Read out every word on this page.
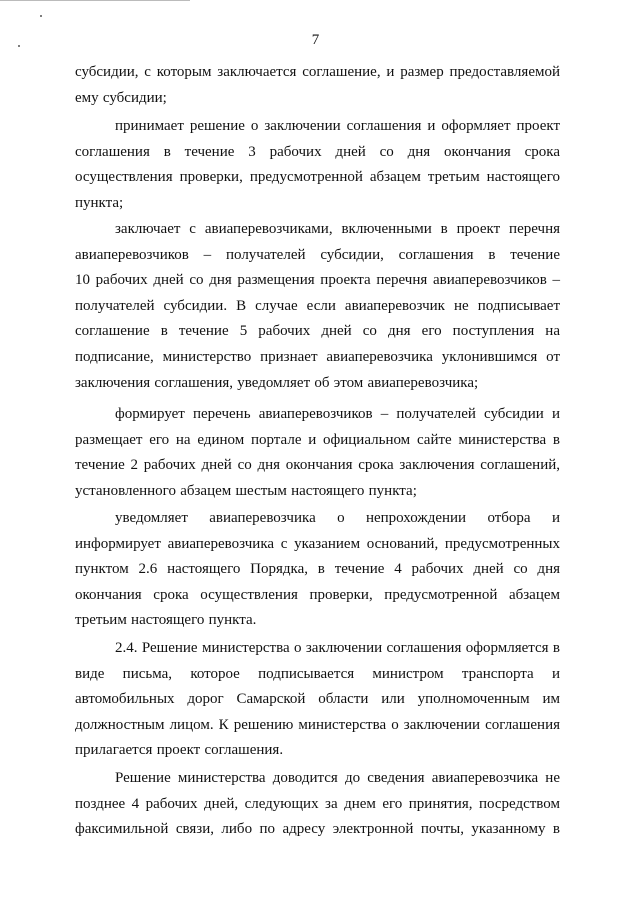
7
субсидии, с которым заключается соглашение, и размер предоставляемой
ему субсидии;
принимает решение о заключении соглашения и оформляет проект
соглашения в течение 3 рабочих дней со дня окончания срока
осуществления проверки, предусмотренной абзацем третьим настоящего
пункта;
заключает с авиаперевозчиками, включенными в проект перечня
авиаперевозчиков – получателей субсидии, соглашения в течение
10 рабочих дней со дня размещения проекта перечня авиаперевозчиков –
получателей субсидии. В случае если авиаперевозчик не подписывает
соглашение в течение 5 рабочих дней со дня его поступления на
подписание, министерство признает авиаперевозчика уклонившимся от
заключения соглашения, уведомляет об этом авиаперевозчика;
формирует перечень авиаперевозчиков – получателей субсидии и
размещает его на едином портале и официальном сайте министерства в
течение 2 рабочих дней со дня окончания срока заключения соглашений,
установленного абзацем шестым настоящего пункта;
уведомляет авиаперевозчика о непрохождении отбора и
информирует авиаперевозчика с указанием оснований, предусмотренных
пунктом 2.6 настоящего Порядка, в течение 4 рабочих дней со дня
окончания срока осуществления проверки, предусмотренной абзацем
третьим настоящего пункта.
2.4. Решение министерства о заключении соглашения оформляется в
виде письма, которое подписывается министром транспорта и
автомобильных дорог Самарской области или уполномоченным им
должностным лицом. К решению министерства о заключении соглашения
прилагается проект соглашения.
Решение министерства доводится до сведения авиаперевозчика не
позднее 4 рабочих дней, следующих за днем его принятия, посредством
факсимильной связи, либо по адресу электронной почты, указанному в
